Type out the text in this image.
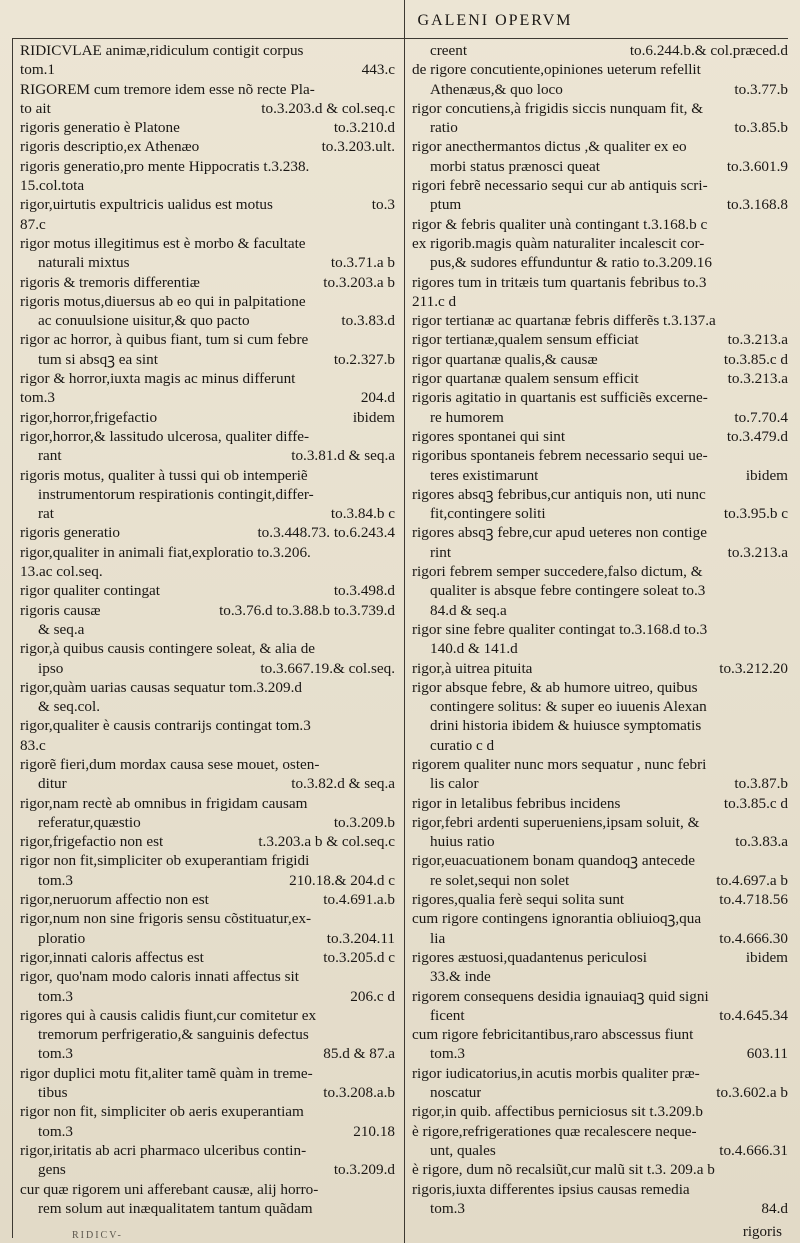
GALENI OPERVM
RIDICVLAE animæ,ridiculum contigit corpus
tom.1	443.c
RIGOREM cum tremore idem esse nõ recte Pla-
to ait	to.3.203.d & col.seq.c
rigoris generatio è Platone	to.3.210.d
rigoris descriptio,ex Athenæo	to.3.203.ult.
rigoris generatio,pro mente Hippocratis t.3.238.
15.col.tota
rigor,uirtutis expultricis ualidus est motus	to.3
87.c
rigor motus illegitimus est è morbo & facultate
naturali mixtus	to.3.71.a b
rigoris & tremoris differentiæ	to.3.203.a b
rigoris motus,diuersus ab eo qui in palpitatione
ac conuulsione uisitur,& quo pacto	to.3.83.d
rigor ac horror, à quibus fiant, tum si cum febre
tum si absqꝫ ea sint	to.2.327.b
rigor & horror,iuxta magis ac minus differunt
tom.3	204.d
rigor,horror,frigefactio	ibidem
rigor,horror,& lassitudo ulcerosa, qualiter diffe-
rant	to.3.81.d & seq.a
rigoris motus, qualiter à tussi qui ob intemperiẽ
instrumentorum respirationis contingit,differ-
rat	to.3.84.b c
rigoris generatio	to.3.448.73. to.6.243.4
rigor,qualiter in animali fiat,exploratio to.3.206.
13.ac col.seq.
rigor qualiter contingat	to.3.498.d
rigoris causæ	to.3.76.d to.3.88.b to.3.739.d
& seq.a
rigor,à quibus causis contingere soleat, & alia de
ipso	to.3.667.19.& col.seq.
rigor,quàm uarias causas sequatur tom.3.209.d
& seq.col.
rigor,qualiter è causis contrarijs contingat tom.3
83.c
rigorẽ fieri,dum mordax causa sese mouet, osten-
ditur	to.3.82.d & seq.a
rigor,nam rectè ab omnibus in frigidam causam
referatur,quæstio	to.3.209.b
rigor,frigefactio non est	t.3.203.a b & col.seq.c
rigor non fit,simpliciter ob exuperantiam frigidi
tom.3	210.18.& 204.d c
rigor,neruorum affectio non est	to.4.691.a.b
rigor,num non sine frigoris sensu cõstituatur,ex-
ploratio	to.3.204.11
rigor,innati caloris affectus est	to.3.205.d c
rigor, quo'nam modo caloris innati affectus sit
tom.3	206.c d
rigores qui à causis calidis fiunt,cur comitetur ex
tremorum perfrigeratio,& sanguinis defectus
tom.3	85.d & 87.a
rigor duplici motu fit,aliter tamẽ quàm in treme-
tibus	to.3.208.a.b
rigor non fit, simpliciter ob aeris exuperantiam
tom.3	210.18
rigor,iritatis ab acri pharmaco ulceribus contin-
gens	to.3.209.d
cur quæ rigorem uni afferebant causæ, alij horro-
rem solum aut inæqualitatem tantum quãdam
creent	to.6.244.b.& col.præced.d
de rigore concutiente,opiniones ueterum refellit
Athenæus,& quo loco	to.3.77.b
rigor concutiens,à frigidis siccis nunquam fit, &
ratio	to.3.85.b
rigor anecthermantos dictus ,& qualiter ex eo
morbi status prænosci queat	to.3.601.9
rigori febrẽ necessario sequi cur ab antiquis scri-
ptum	to.3.168.8
rigor & febris qualiter unà contingant t.3.168.b c
ex rigorib.magis quàm naturaliter incalescit cor-
pus,& sudores effunduntur & ratio to.3.209.16
rigores tum in tritæis tum quartanis febribus to.3
211.c d
rigor tertianæ ac quartanæ febris differẽs t.3.137.a
rigor tertianæ,qualem sensum efficiat	to.3.213.a
rigor quartanæ qualis,& causæ	to.3.85.c d
rigor quartanæ qualem sensum efficit	to.3.213.a
rigoris agitatio in quartanis est sufficiẽs excerne-
re humorem	to.7.70.4
rigores spontanei qui sint	to.3.479.d
rigoribus spontaneis febrem necessario sequi ue-
teres existimarunt	ibidem
rigores absqꝫ febribus,cur antiquis non, uti nunc
fit,contingere soliti	to.3.95.b c
rigores absqꝫ febre,cur apud ueteres non contige
rint	to.3.213.a
rigori febrem semper succedere,falso dictum, &
qualiter is absque febre contingere soleat to.3
84.d & seq.a
rigor sine febre qualiter contingat to.3.168.d to.3
140.d & 141.d
rigor,à uitrea pituita	to.3.212.20
rigor absque febre, & ab humore uitreo, quibus
contingere solitus: & super eo iuuenis Alexan
drini historia ibidem & huiusce symptomatis
curatio c d
rigorem qualiter nunc mors sequatur , nunc febri
lis calor	to.3.87.b
rigor in letalibus febribus incidens	to.3.85.c d
rigor,febri ardenti superueniens,ipsam soluit, &
huius ratio	to.3.83.a
rigor,euacuationem bonam quandoqꝫ antecede
re solet,sequi non solet	to.4.697.a b
rigores,qualia ferè sequi solita sunt	to.4.718.56
cum rigore contingens ignorantia obliuioqꝫ,qua
lia	to.4.666.30
rigores æstuosi,quadantenus periculosi	ibidem
33.& inde
rigorem consequens desidia ignauiaqꝫ quid signi
ficent	to.4.645.34
cum rigore febricitantibus,raro abscessus fiunt
tom.3	603.11
rigor iudicatorius,in acutis morbis qualiter præ-
noscatur	to.3.602.a b
rigor,in quib. affectibus perniciosus sit t.3.209.b
è rigore,refrigerationes quæ recalescere neque-
unt, quales	to.4.666.31
è rigore, dum nõ recalsiũt,cur malũ sit t.3. 209.a b
rigoris,iuxta differentes ipsius causas remedia
tom.3	84.d
RIDICV-	rigoris
